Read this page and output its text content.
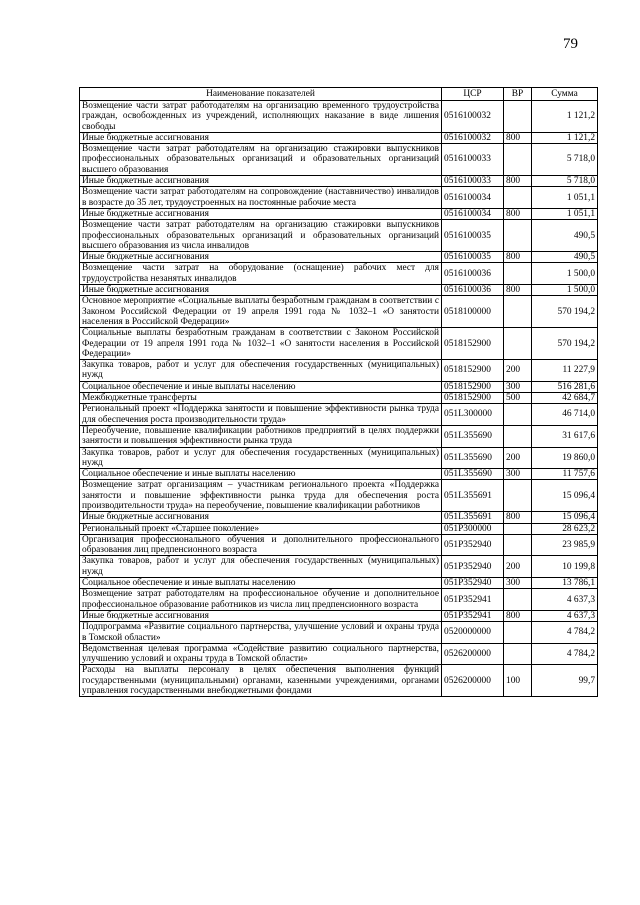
79
Наименование показателей	ЦСР	ВР	Сумма
Возмещение части затрат работодателям на организацию временного трудоустройства граждан, освобожденных из учреждений, исполняющих наказание в виде лишения свободы	0516100032		1 121,2
Иные бюджетные ассигнования	0516100032	800	1 121,2
Возмещение части затрат работодателям на организацию стажировки выпускников профессиональных образовательных организаций и образовательных организаций высшего образования	0516100033		5 718,0
Иные бюджетные ассигнования	0516100033	800	5 718,0
Возмещение части затрат работодателям на сопровождение (наставничество) инвалидов в возрасте до 35 лет, трудоустроенных на постоянные рабочие места	0516100034		1 051,1
Иные бюджетные ассигнования	0516100034	800	1 051,1
Возмещение части затрат работодателям на организацию стажировки выпускников профессиональных образовательных организаций и образовательных организаций высшего образования из числа инвалидов	0516100035		490,5
Иные бюджетные ассигнования	0516100035	800	490,5
Возмещение части затрат на оборудование (оснащение) рабочих мест для трудоустройства незанятых инвалидов	0516100036		1 500,0
Иные бюджетные ассигнования	0516100036	800	1 500,0
Основное мероприятие «Социальные выплаты безработным гражданам в соответствии с Законом Российской Федерации от 19 апреля 1991 года № 1032–1 «О занятости населения в Российской Федерации»	0518100000		570 194,2
Социальные выплаты безработным гражданам в соответствии с Законом Российской Федерации от 19 апреля 1991 года № 1032–1 «О занятости населения в Российской Федерации»	0518152900		570 194,2
Закупка товаров, работ и услуг для обеспечения государственных (муниципальных) нужд	0518152900	200	11 227,9
Социальное обеспечение и иные выплаты населению	0518152900	300	516 281,6
Межбюджетные трансферты	0518152900	500	42 684,7
Региональный проект «Поддержка занятости и повышение эффективности рынка труда для обеспечения роста производительности труда»	051L300000		46 714,0
Переобучение, повышение квалификации работников предприятий в целях поддержки занятости и повышения эффективности рынка труда	051L355690		31 617,6
Закупка товаров, работ и услуг для обеспечения государственных (муниципальных) нужд	051L355690	200	19 860,0
Социальное обеспечение и иные выплаты населению	051L355690	300	11 757,6
Возмещение затрат организациям – участникам регионального проекта «Поддержка занятости и повышение эффективности рынка труда для обеспечения роста производительности труда» на переобучение, повышение квалификации работников	051L355691		15 096,4
Иные бюджетные ассигнования	051L355691	800	15 096,4
Региональный проект «Старшее поколение»	051P300000		28 623,2
Организация профессионального обучения и дополнительного профессионального образования лиц предпенсионного возраста	051P352940		23 985,9
Закупка товаров, работ и услуг для обеспечения государственных (муниципальных) нужд	051P352940	200	10 199,8
Социальное обеспечение и иные выплаты населению	051P352940	300	13 786,1
Возмещение затрат работодателям на профессиональное обучение и дополнительное профессиональное образование работников из числа лиц предпенсионного возраста	051P352941		4 637,3
Иные бюджетные ассигнования	051P352941	800	4 637,3
Подпрограмма «Развитие социального партнерства, улучшение условий и охраны труда в Томской области»	0520000000		4 784,2
Ведомственная целевая программа «Содействие развитию социального партнерства, улучшению условий и охраны труда в Томской области»	0526200000		4 784,2
Расходы на выплаты персоналу в целях обеспечения выполнения функций государственными (муниципальными) органами, казенными учреждениями, органами управления государственными внебюджетными фондами	0526200000	100	99,7
